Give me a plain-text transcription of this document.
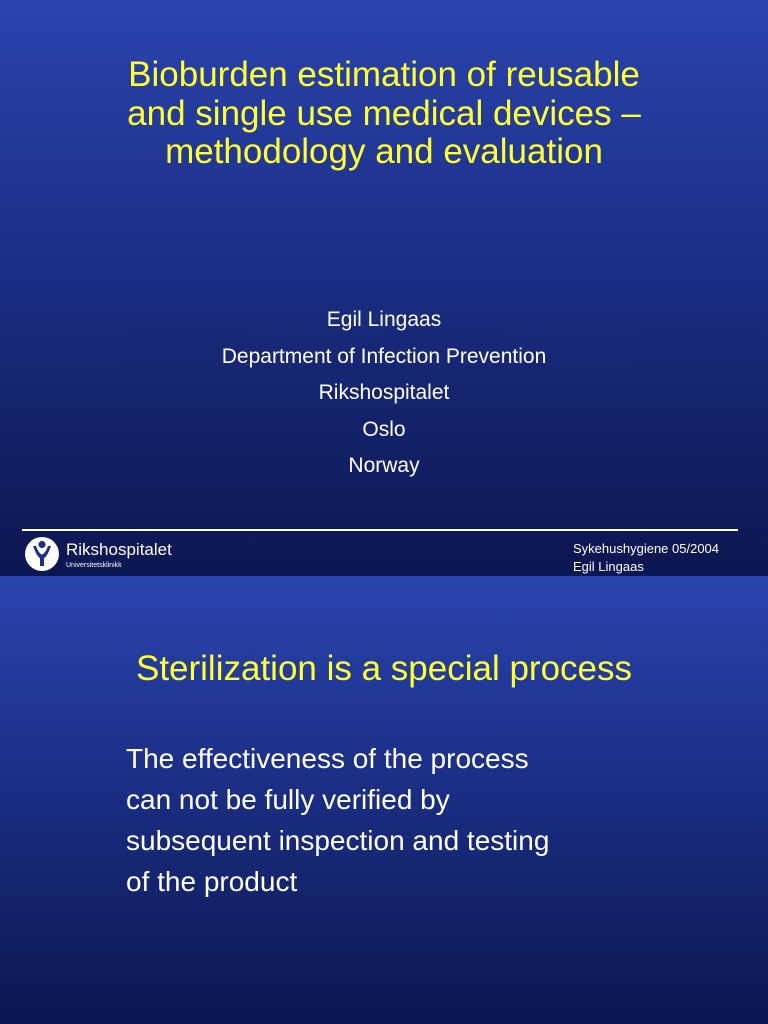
Bioburden estimation of reusable
and single use medical devices –
methodology and evaluation
Egil Lingaas
Department of Infection Prevention
Rikshospitalet
Oslo
Norway
Rikshospitalet
Universitetsklinikk
Sykehushygiene 05/2004
Egil Lingaas
Sterilization is a special process
The effectiveness of the process
can not be fully verified by
subsequent inspection and testing
of the product
